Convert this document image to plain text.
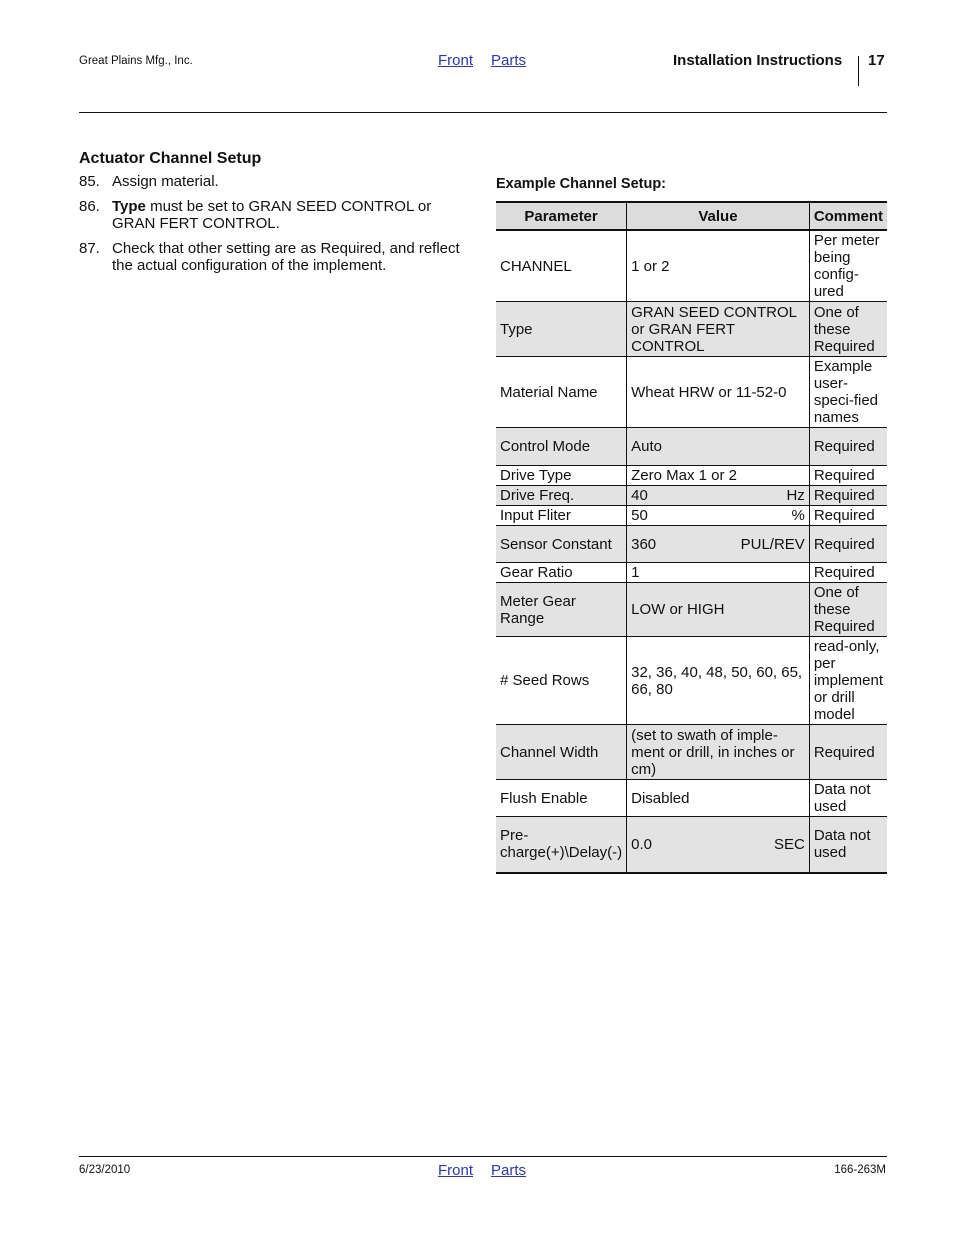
Great Plains Mfg., Inc.	Front Parts	Installation Instructions 17
Actuator Channel Setup
85. Assign material.
86. Type must be set to GRAN SEED CONTROL or GRAN FERT CONTROL.
87. Check that other setting are as Required, and reflect the actual configuration of the implement.
Example Channel Setup:
Parameter	Value	Comment
CHANNEL	1 or 2	Per meter being config-ured
Type	GRAN SEED CONTROL or GRAN FERT CONTROL	One of these Required
Material Name	Wheat HRW or 11-52-0	Example user-speci-fied names
Control Mode	Auto	Required
Drive Type	Zero Max 1 or 2	Required
Drive Freq.	40 Hz	Required
Input Fliter	50 %	Required
Sensor Constant	360 PUL/REV	Required
Gear Ratio	1	Required
Meter Gear Range	LOW or HIGH	One of these Required
# Seed Rows	32, 36, 40, 48, 50, 60, 65, 66, 80	read-only, per implement or drill model
Channel Width	(set to swath of imple-ment or drill, in inches or cm)	Required
Flush Enable	Disabled	Data not used
Pre-charge(+)\Delay(-)	0.0 SEC	Data not used
6/23/2010	Front Parts	166-263M
